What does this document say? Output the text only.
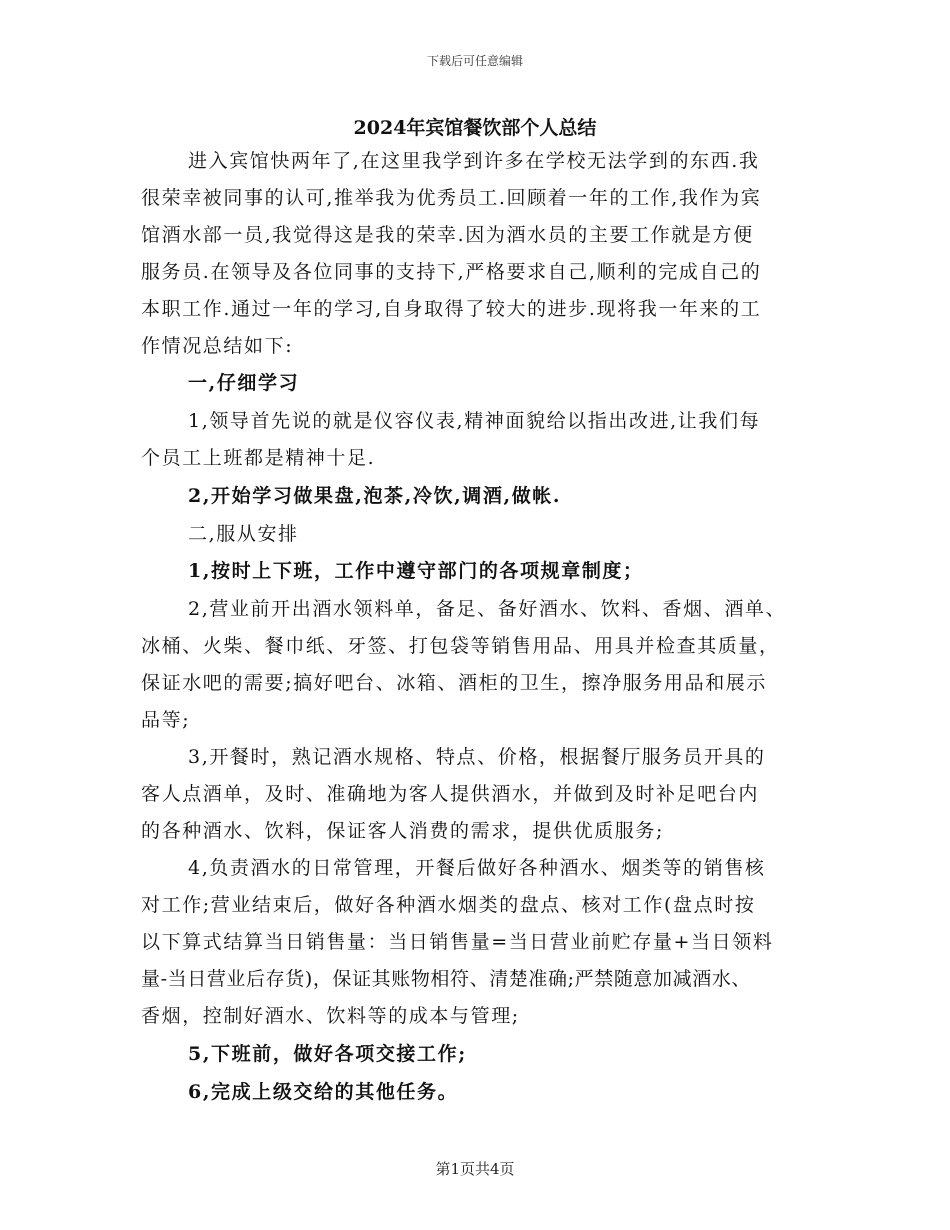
下载后可任意编辑
2024年宾馆餐饮部个人总结
进入宾馆快两年了,在这里我学到许多在学校无法学到的东西.我
很荣幸被同事的认可,推举我为优秀员工.回顾着一年的工作,我作为宾
馆酒水部一员,我觉得这是我的荣幸.因为酒水员的主要工作就是方便
服务员.在领导及各位同事的支持下,严格要求自己,顺利的完成自己的
本职工作.通过一年的学习,自身取得了较大的进步.现将我一年来的工
作情况总结如下:
一,仔细学习
1,领导首先说的就是仪容仪表,精神面貌给以指出改进,让我们每
个员工上班都是精神十足.
2,开始学习做果盘,泡茶,冷饮,调酒,做帐.
二,服从安排
1,按时上下班，工作中遵守部门的各项规章制度；
2,营业前开出酒水领料单，备足、备好酒水、饮料、香烟、酒单、
冰桶、火柴、餐巾纸、牙签、打包袋等销售用品、用具并检查其质量，
保证水吧的需要;搞好吧台、冰箱、酒柜的卫生，擦净服务用品和展示
品等;
3,开餐时，熟记酒水规格、特点、价格，根据餐厅服务员开具的
客人点酒单，及时、准确地为客人提供酒水，并做到及时补足吧台内
的各种酒水、饮料，保证客人消费的需求，提供优质服务;
4,负责酒水的日常管理，开餐后做好各种酒水、烟类等的销售核
对工作;营业结束后，做好各种酒水烟类的盘点、核对工作(盘点时按
以下算式结算当日销售量：当日销售量=当日营业前贮存量+当日领料
量-当日营业后存货)，保证其账物相符、清楚准确;严禁随意加减酒水、
香烟，控制好酒水、饮料等的成本与管理;
5,下班前，做好各项交接工作;
6,完成上级交给的其他任务。
第1页共4页
